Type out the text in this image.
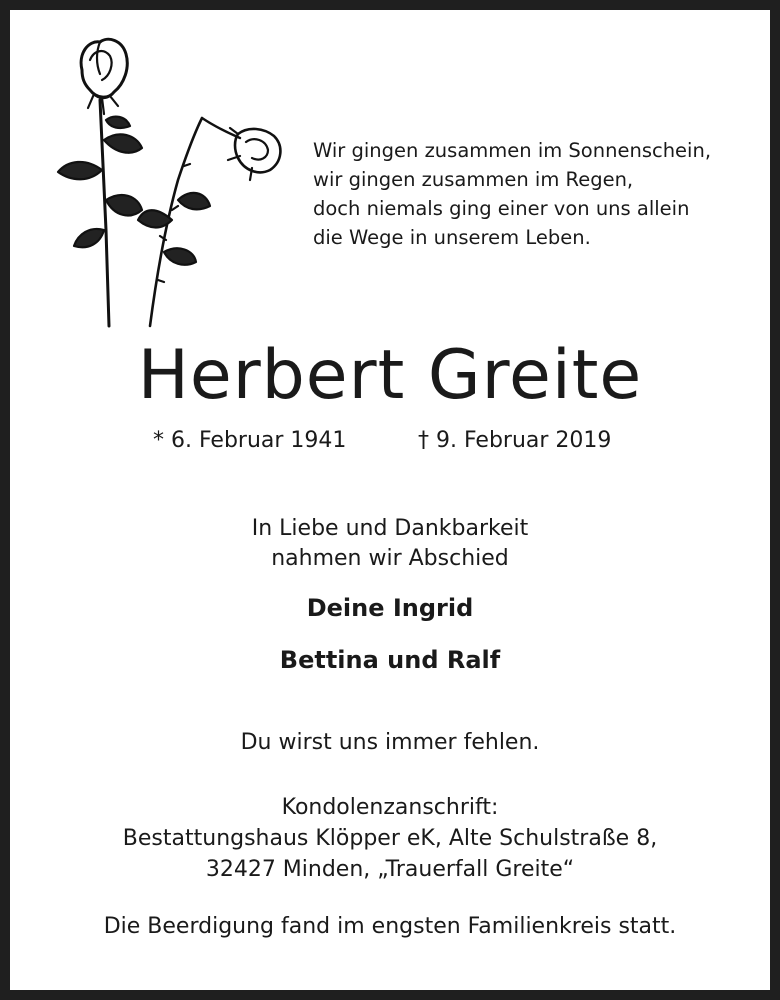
Wir gingen zusammen im Sonnenschein,
wir gingen zusammen im Regen,
doch niemals ging einer von uns allein
die Wege in unserem Leben.
Herbert Greite
* 6. Februar 1941	† 9. Februar 2019
In Liebe und Dankbarkeit
nahmen wir Abschied
Deine Ingrid
Bettina und Ralf
Du wirst uns immer fehlen.
Kondolenzanschrift:
Bestattungshaus Klöpper eK, Alte Schulstraße 8,
32427 Minden, „Trauerfall Greite“
Die Beerdigung fand im engsten Familienkreis statt.
